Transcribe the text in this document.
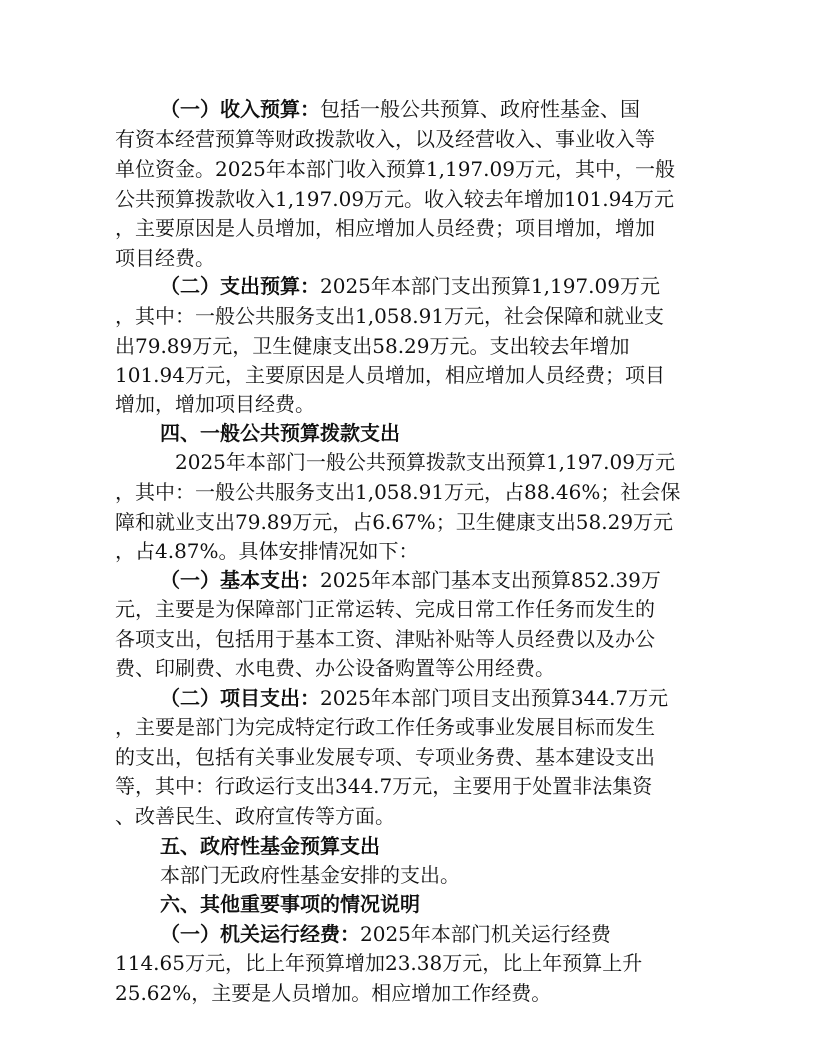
（一）收入预算：包括一般公共预算、政府性基金、国
有资本经营预算等财政拨款收入，以及经营收入、事业收入等
单位资金。2025年本部门收入预算1,197.09万元，其中，一般
公共预算拨款收入1,197.09万元。收入较去年增加101.94万元
，主要原因是人员增加，相应增加人员经费；项目增加，增加
项目经费。
（二）支出预算：2025年本部门支出预算1,197.09万元
，其中：一般公共服务支出1,058.91万元，社会保障和就业支
出79.89万元，卫生健康支出58.29万元。支出较去年增加
101.94万元，主要原因是人员增加，相应增加人员经费；项目
增加，增加项目经费。
四、一般公共预算拨款支出
2025年本部门一般公共预算拨款支出预算1,197.09万元
，其中：一般公共服务支出1,058.91万元，占88.46%；社会保
障和就业支出79.89万元，占6.67%；卫生健康支出58.29万元
，占4.87%。具体安排情况如下：
（一）基本支出：2025年本部门基本支出预算852.39万
元，主要是为保障部门正常运转、完成日常工作任务而发生的
各项支出，包括用于基本工资、津贴补贴等人员经费以及办公
费、印刷费、水电费、办公设备购置等公用经费。
（二）项目支出：2025年本部门项目支出预算344.7万元
，主要是部门为完成特定行政工作任务或事业发展目标而发生
的支出，包括有关事业发展专项、专项业务费、基本建设支出
等，其中：行政运行支出344.7万元，主要用于处置非法集资
、改善民生、政府宣传等方面。
五、政府性基金预算支出
本部门无政府性基金安排的支出。
六、其他重要事项的情况说明
（一）机关运行经费：2025年本部门机关运行经费
114.65万元，比上年预算增加23.38万元，比上年预算上升
25.62%，主要是人员增加。相应增加工作经费。
